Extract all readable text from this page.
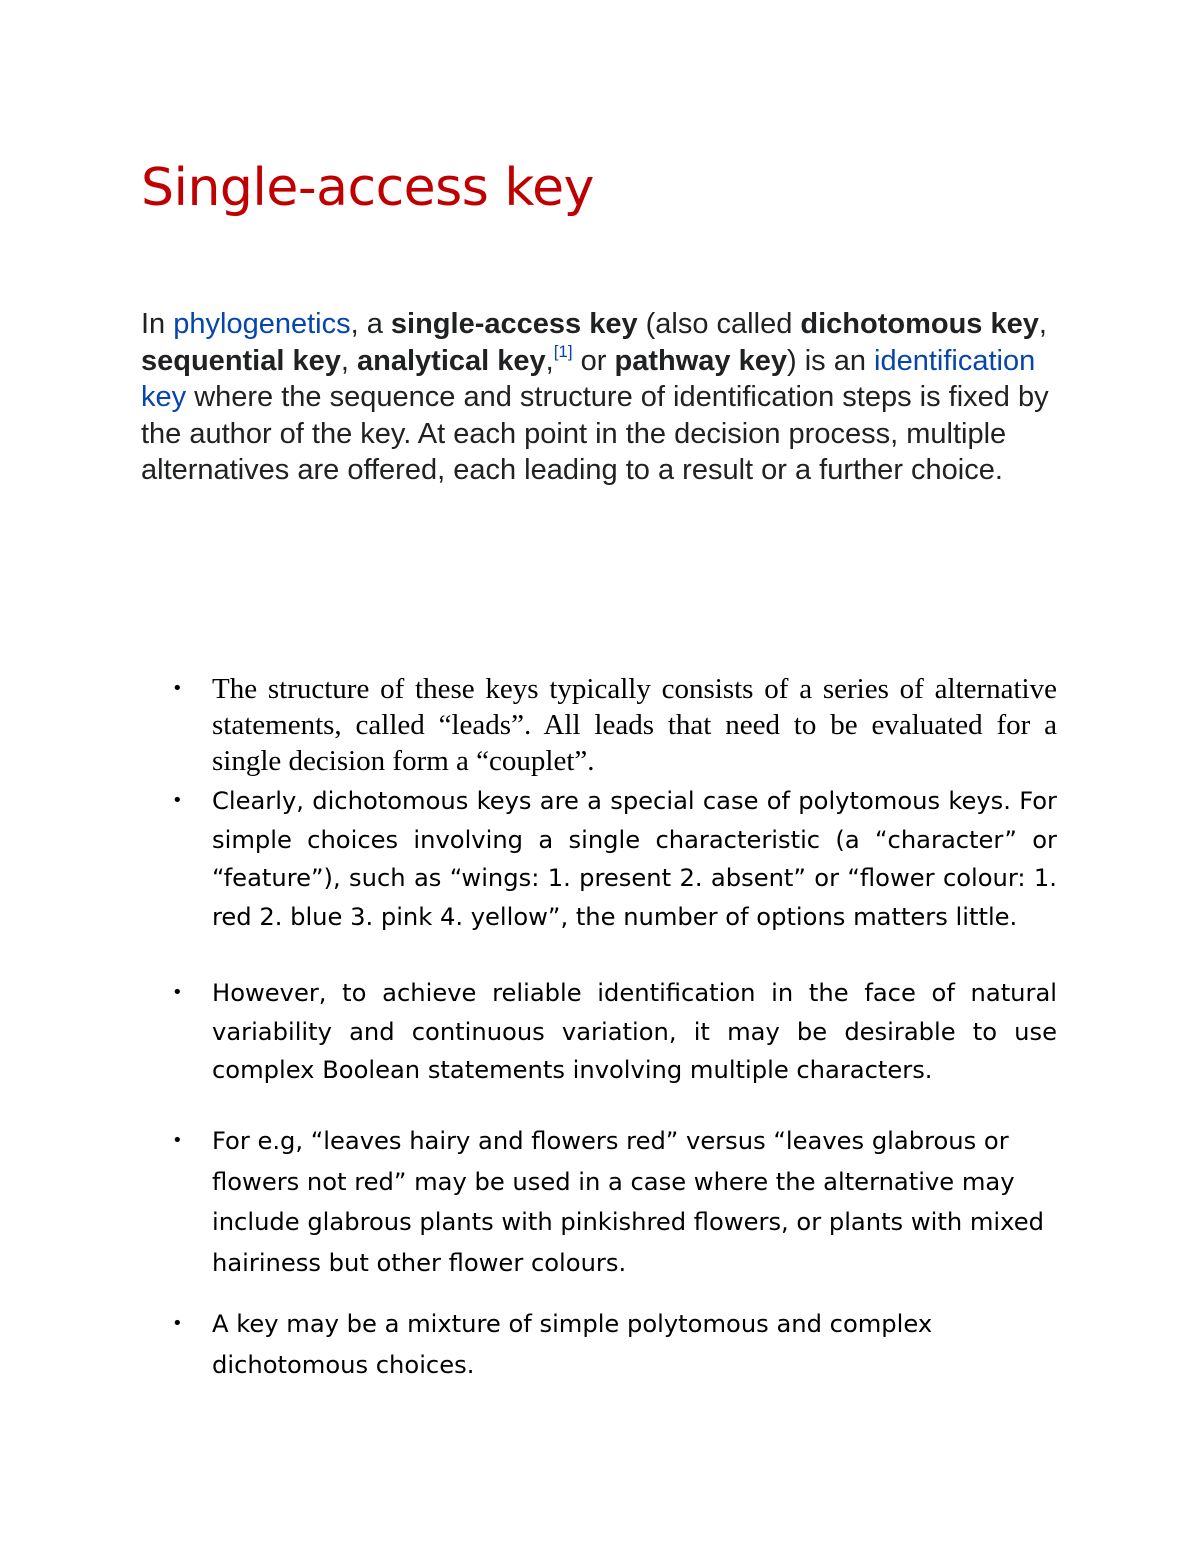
Single-access key

In phylogenetics, a single-access key (also called dichotomous key, sequential key, analytical key,[1] or pathway key) is an identification key where the sequence and structure of identification steps is fixed by the author of the key. At each point in the decision process, multiple alternatives are offered, each leading to a result or a further choice.

• The structure of these keys typically consists of a series of alternative statements, called “leads”. All leads that need to be evaluated for a single decision form a “couplet”.
• Clearly, dichotomous keys are a special case of polytomous keys. For simple choices involving a single characteristic (a “character” or “feature”), such as “wings: 1. present 2. absent” or “flower colour: 1. red 2. blue 3. pink 4. yellow”, the number of options matters little.
• However, to achieve reliable identification in the face of natural variability and continuous variation, it may be desirable to use complex Boolean statements involving multiple characters.
• For e.g, “leaves hairy and flowers red” versus “leaves glabrous or flowers not red” may be used in a case where the alternative may include glabrous plants with pinkishred flowers, or plants with mixed hairiness but other flower colours.
• A key may be a mixture of simple polytomous and complex dichotomous choices.
